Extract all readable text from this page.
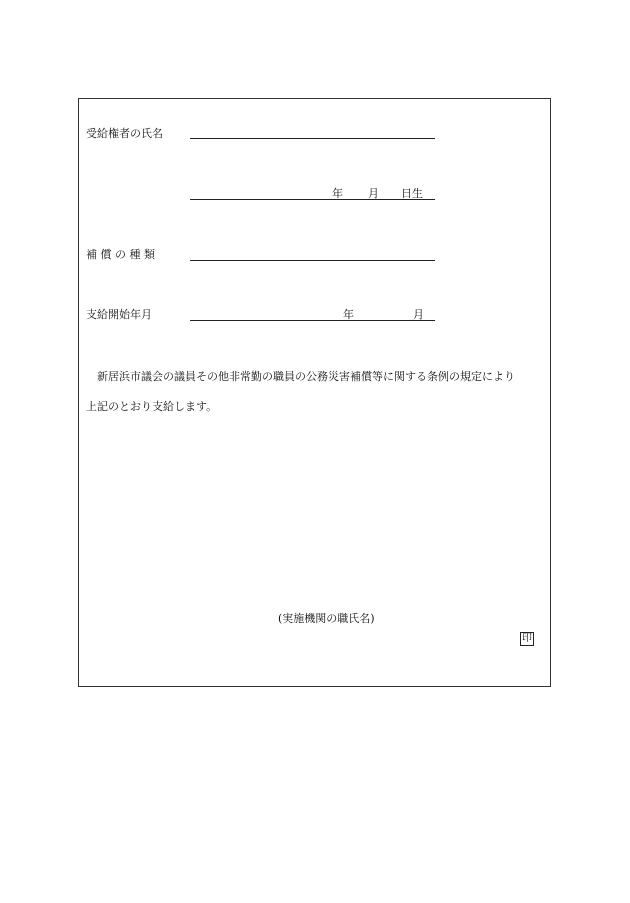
受給権者の氏名
年 月 日生
補 償 の 種 類
支給開始年月	年	月
新居浜市議会の議員その他非常勤の職員の公務災害補償等に関する条例の規定により
上記のとおり支給します。
(実施機関の職氏名)
印
